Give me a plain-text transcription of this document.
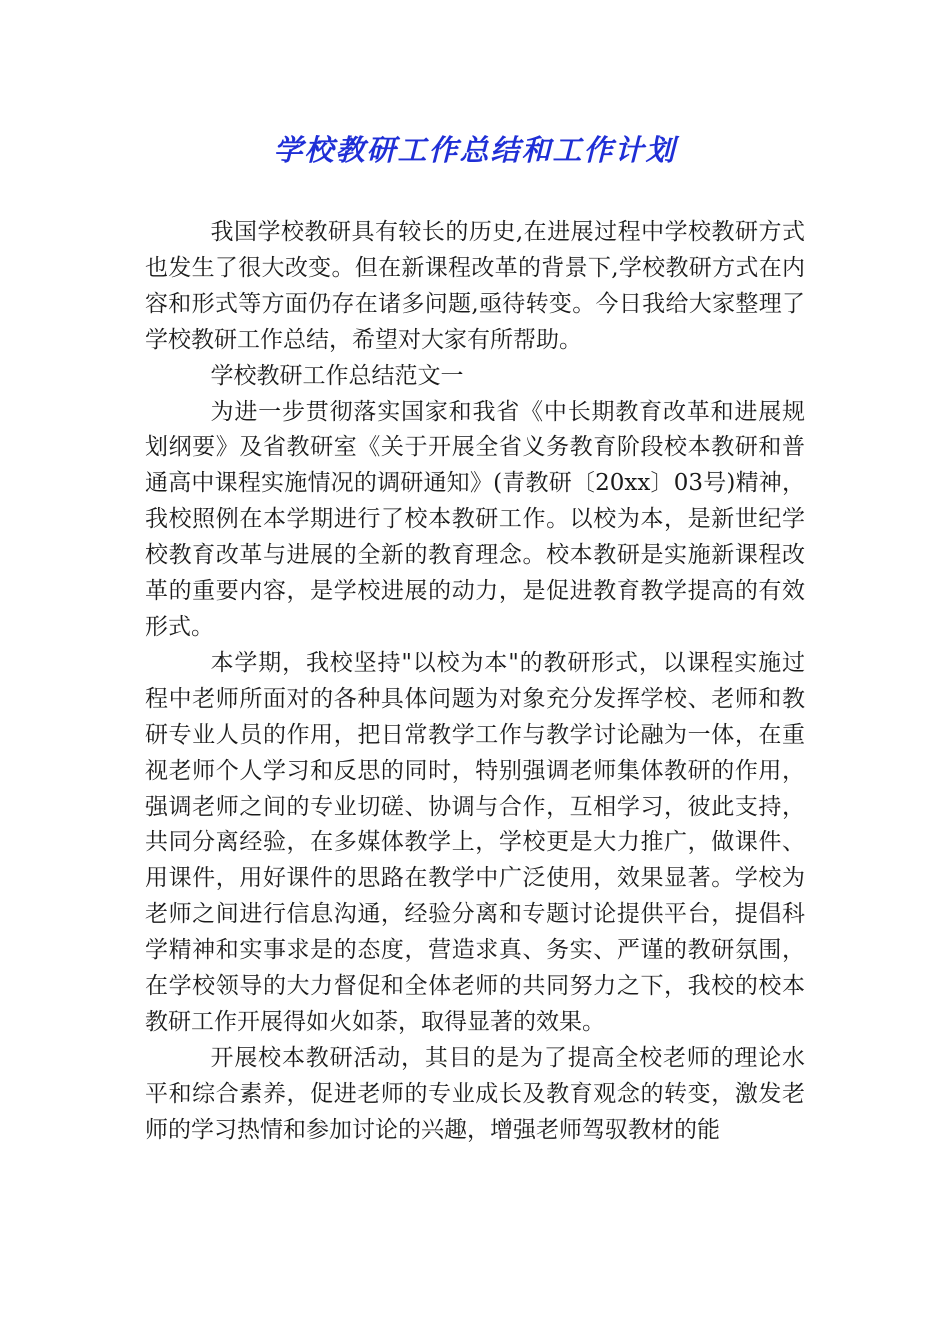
学校教研工作总结和工作计划

我国学校教研具有较长的历史,在进展过程中学校教研方式也发生了很大改变。但在新课程改革的背景下,学校教研方式在内容和形式等方面仍存在诸多问题,亟待转变。今日我给大家整理了学校教研工作总结，希望对大家有所帮助。

学校教研工作总结范文一

为进一步贯彻落实国家和我省《中长期教育改革和进展规划纲要》及省教研室《关于开展全省义务教育阶段校本教研和普通高中课程实施情况的调研通知》(青教研〔20xx〕03号)精神，我校照例在本学期进行了校本教研工作。以校为本，是新世纪学校教育改革与进展的全新的教育理念。校本教研是实施新课程改革的重要内容，是学校进展的动力，是促进教育教学提高的有效形式。

本学期，我校坚持"以校为本"的教研形式，以课程实施过程中老师所面对的各种具体问题为对象充分发挥学校、老师和教研专业人员的作用，把日常教学工作与教学讨论融为一体，在重视老师个人学习和反思的同时，特别强调老师集体教研的作用，强调老师之间的专业切磋、协调与合作，互相学习，彼此支持，共同分离经验，在多媒体教学上，学校更是大力推广，做课件、用课件，用好课件的思路在教学中广泛使用，效果显著。学校为老师之间进行信息沟通，经验分离和专题讨论提供平台，提倡科学精神和实事求是的态度，营造求真、务实、严谨的教研氛围，在学校领导的大力督促和全体老师的共同努力之下，我校的校本教研工作开展得如火如荼，取得显著的效果。

开展校本教研活动，其目的是为了提高全校老师的理论水平和综合素养，促进老师的专业成长及教育观念的转变，激发老师的学习热情和参加讨论的兴趣，增强老师驾驭教材的能
